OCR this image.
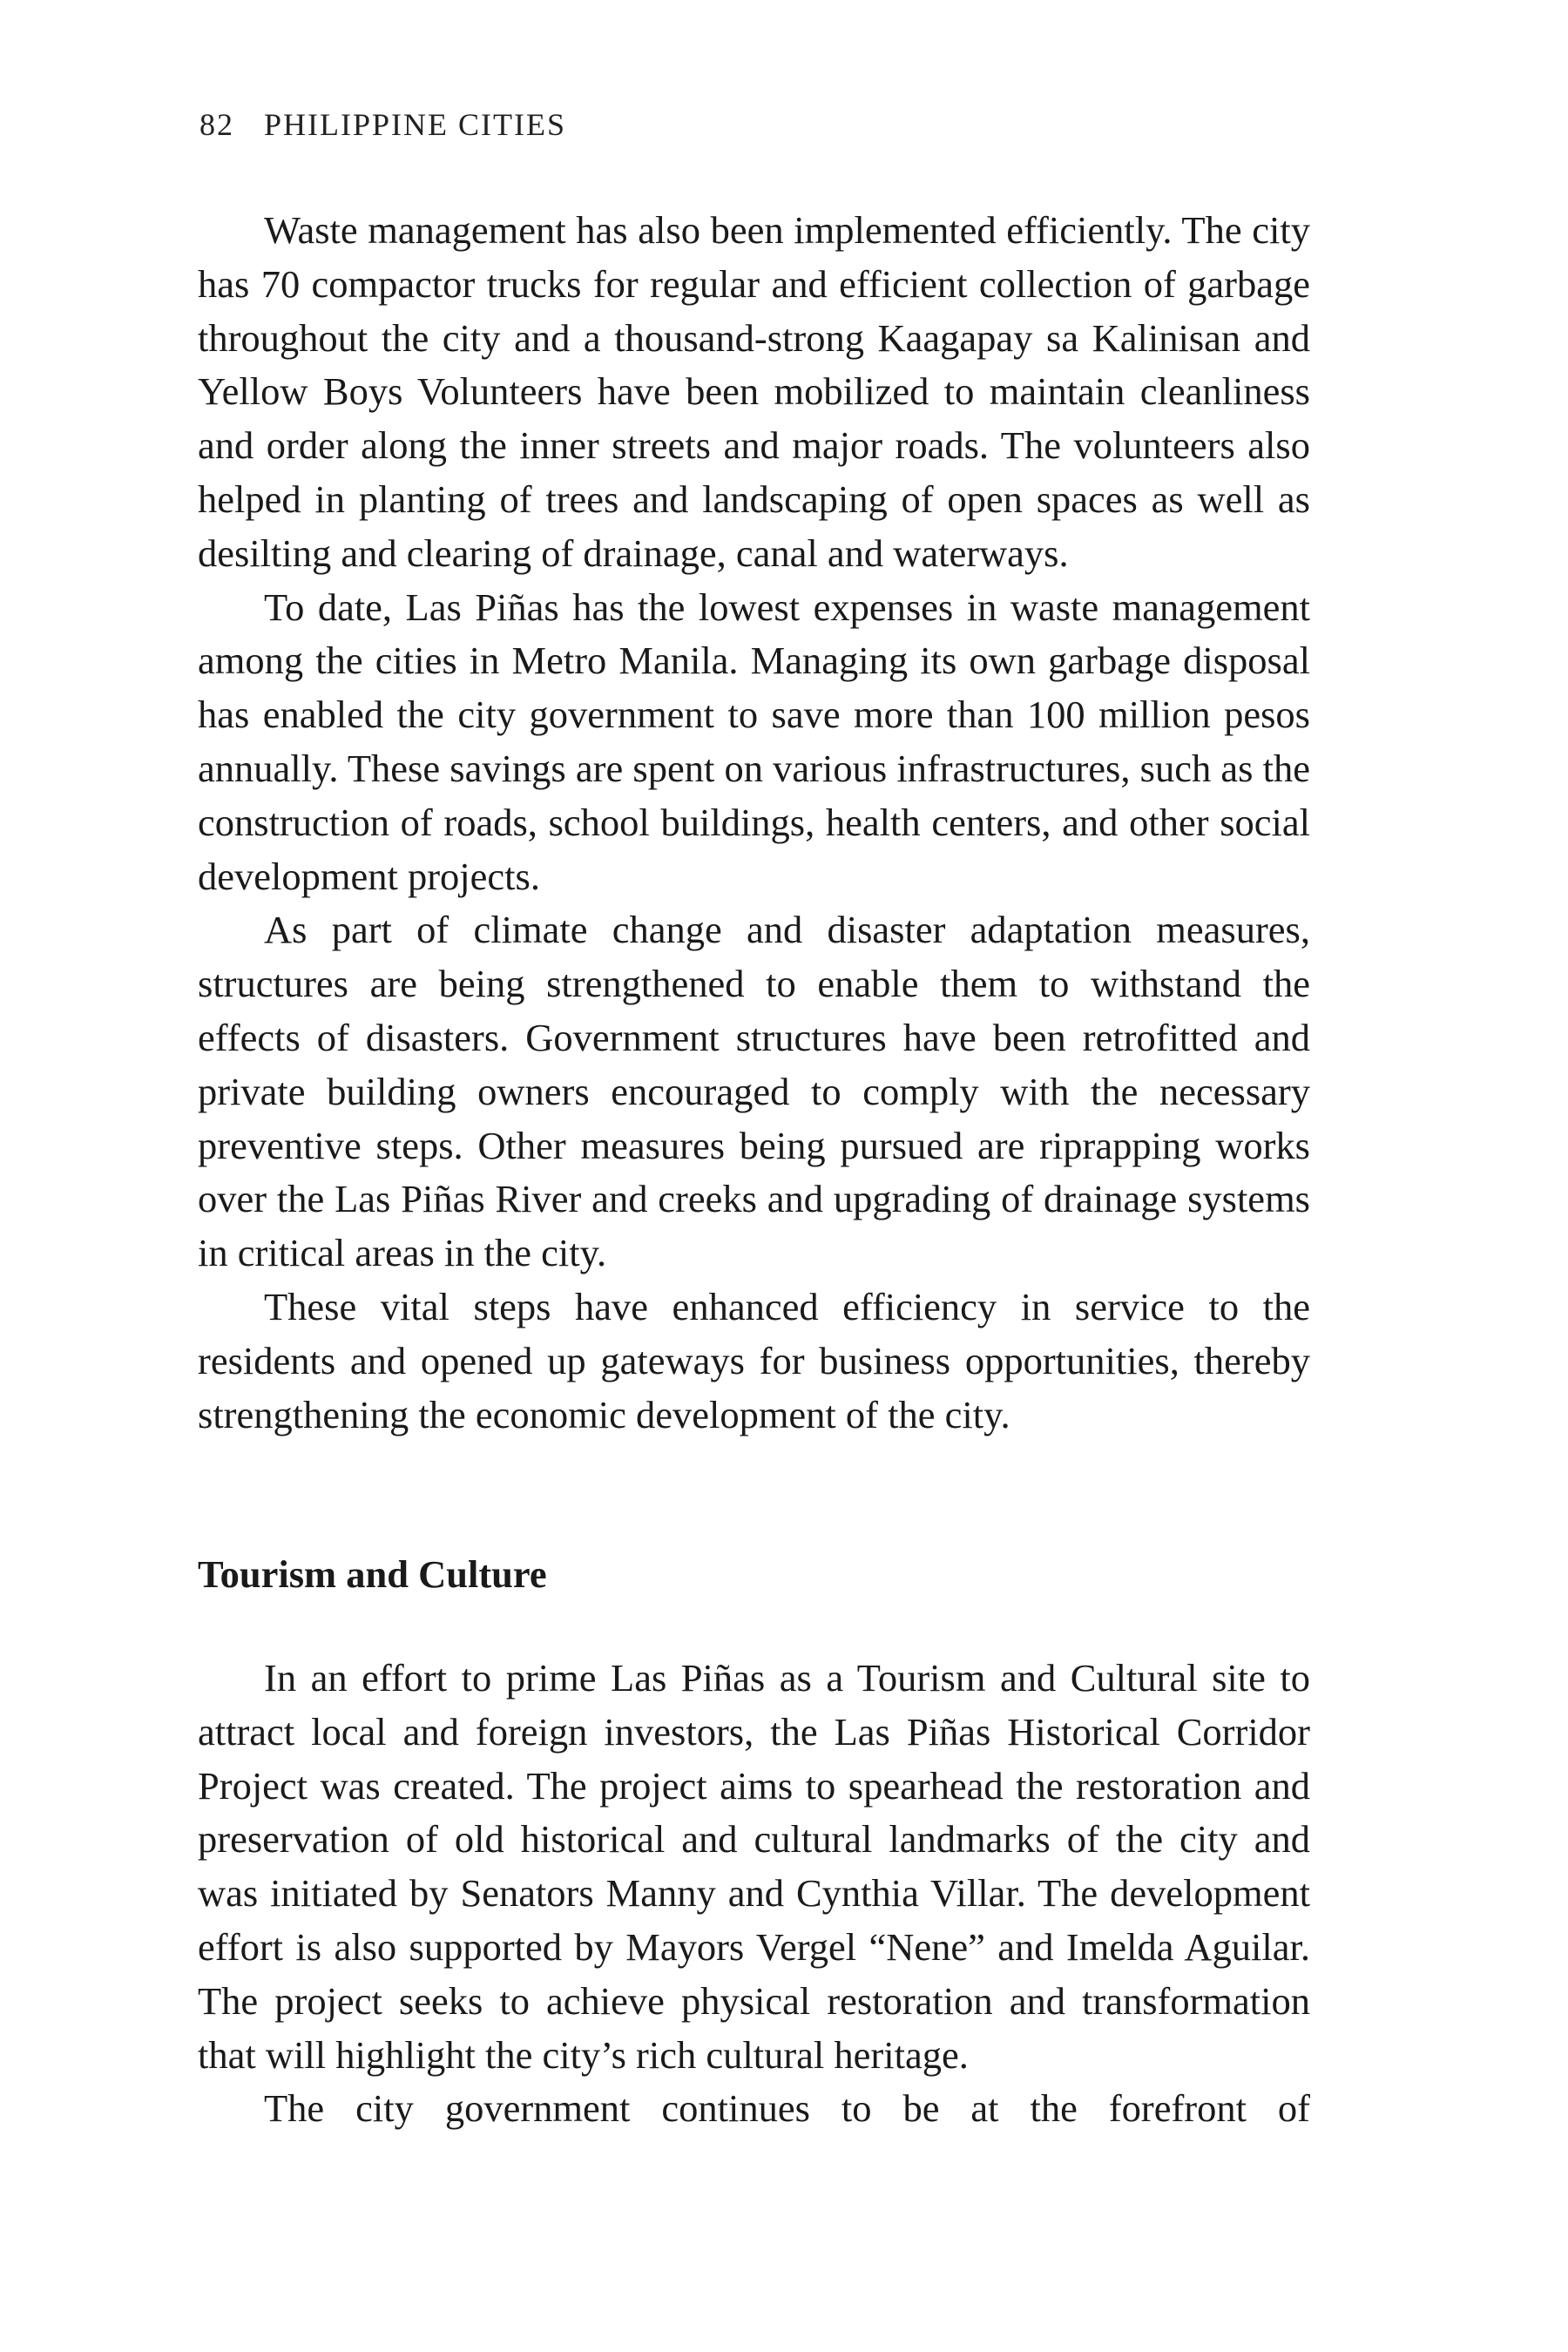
82 PHILIPPINE CITIES

Waste management has also been implemented efficiently. The city has 70 compactor trucks for regular and efficient collection of garbage throughout the city and a thousand-strong Kaagapay sa Kalinisan and Yellow Boys Volunteers have been mobilized to maintain cleanliness and order along the inner streets and major roads. The volunteers also helped in planting of trees and landscaping of open spaces as well as desilting and clearing of drainage, canal and waterways.

To date, Las Piñas has the lowest expenses in waste management among the cities in Metro Manila. Managing its own garbage disposal has enabled the city government to save more than 100 million pesos annually. These savings are spent on various infrastructures, such as the construction of roads, school buildings, health centers, and other social development projects.

As part of climate change and disaster adaptation measures, structures are being strengthened to enable them to withstand the effects of disasters. Government structures have been retrofitted and private building owners encouraged to comply with the necessary preventive steps. Other measures being pursued are riprapping works over the Las Piñas River and creeks and upgrading of drainage systems in critical areas in the city.

These vital steps have enhanced efficiency in service to the residents and opened up gateways for business opportunities, thereby strengthening the economic development of the city.

Tourism and Culture

In an effort to prime Las Piñas as a Tourism and Cultural site to attract local and foreign investors, the Las Piñas Historical Corridor Project was created. The project aims to spearhead the restoration and preservation of old historical and cultural landmarks of the city and was initiated by Senators Manny and Cynthia Villar. The development effort is also supported by Mayors Vergel “Nene” and Imelda Aguilar. The project seeks to achieve physical restoration and transformation that will highlight the city’s rich cultural heritage.

The city government continues to be at the forefront of
